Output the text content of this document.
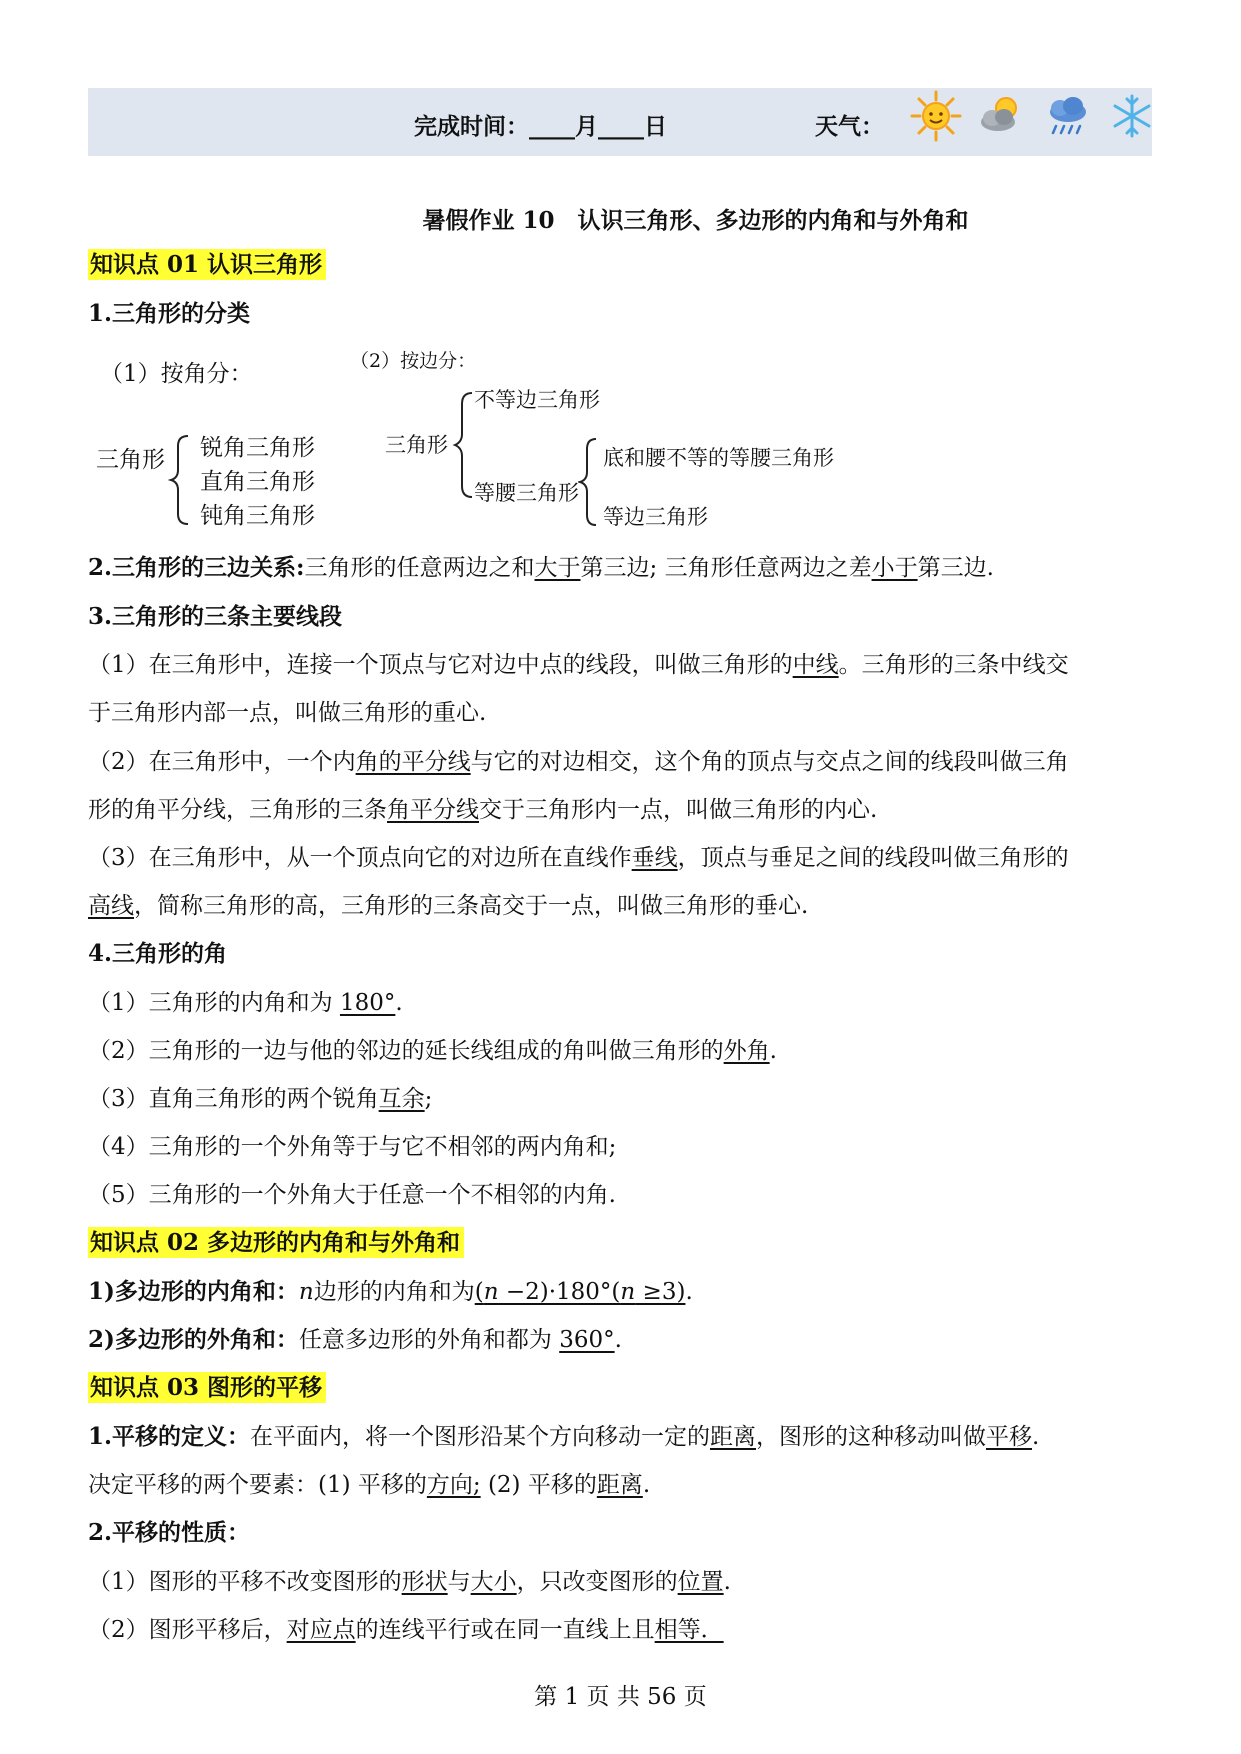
完成时间：____月____日	天气：
暑假作业 10　认识三角形、多边形的内角和与外角和
知识点 01 认识三角形
1.三角形的分类
（1）按角分：
三角形 锐角三角形
直角三角形
钝角三角形
（2）按边分：
三角形
不等边三角形
等腰三角形
底和腰不等的等腰三角形
等边三角形
2.三角形的三边关系:三角形的任意两边之和大于第三边; 三角形任意两边之差小于第三边.
3.三角形的三条主要线段
（1）在三角形中，连接一个顶点与它对边中点的线段，叫做三角形的中线。三角形的三条中线交
于三角形内部一点，叫做三角形的重心.
（2）在三角形中，一个内角的平分线与它的对边相交，这个角的顶点与交点之间的线段叫做三角
形的角平分线，三角形的三条角平分线交于三角形内一点，叫做三角形的内心.
（3）在三角形中，从一个顶点向它的对边所在直线作垂线，顶点与垂足之间的线段叫做三角形的
高线，简称三角形的高，三角形的三条高交于一点，叫做三角形的垂心.
4.三角形的角
（1）三角形的内角和为 180°.
（2）三角形的一边与他的邻边的延长线组成的角叫做三角形的外角.
（3）直角三角形的两个锐角互余;
（4）三角形的一个外角等于与它不相邻的两内角和;
（5）三角形的一个外角大于任意一个不相邻的内角.
知识点 02 多边形的内角和与外角和
1)多边形的内角和：n边形的内角和为(n −2)·180°(n ≥3).
2)多边形的外角和：任意多边形的外角和都为 360°.
知识点 03 图形的平移
1.平移的定义：在平面内，将一个图形沿某个方向移动一定的距离，图形的这种移动叫做平移.
决定平移的两个要素：(1) 平移的方向; (2) 平移的距离.
2.平移的性质：
（1）图形的平移不改变图形的形状与大小，只改变图形的位置.
（2）图形平移后，对应点的连线平行或在同一直线上且相等．
第 1 页 共 56 页
